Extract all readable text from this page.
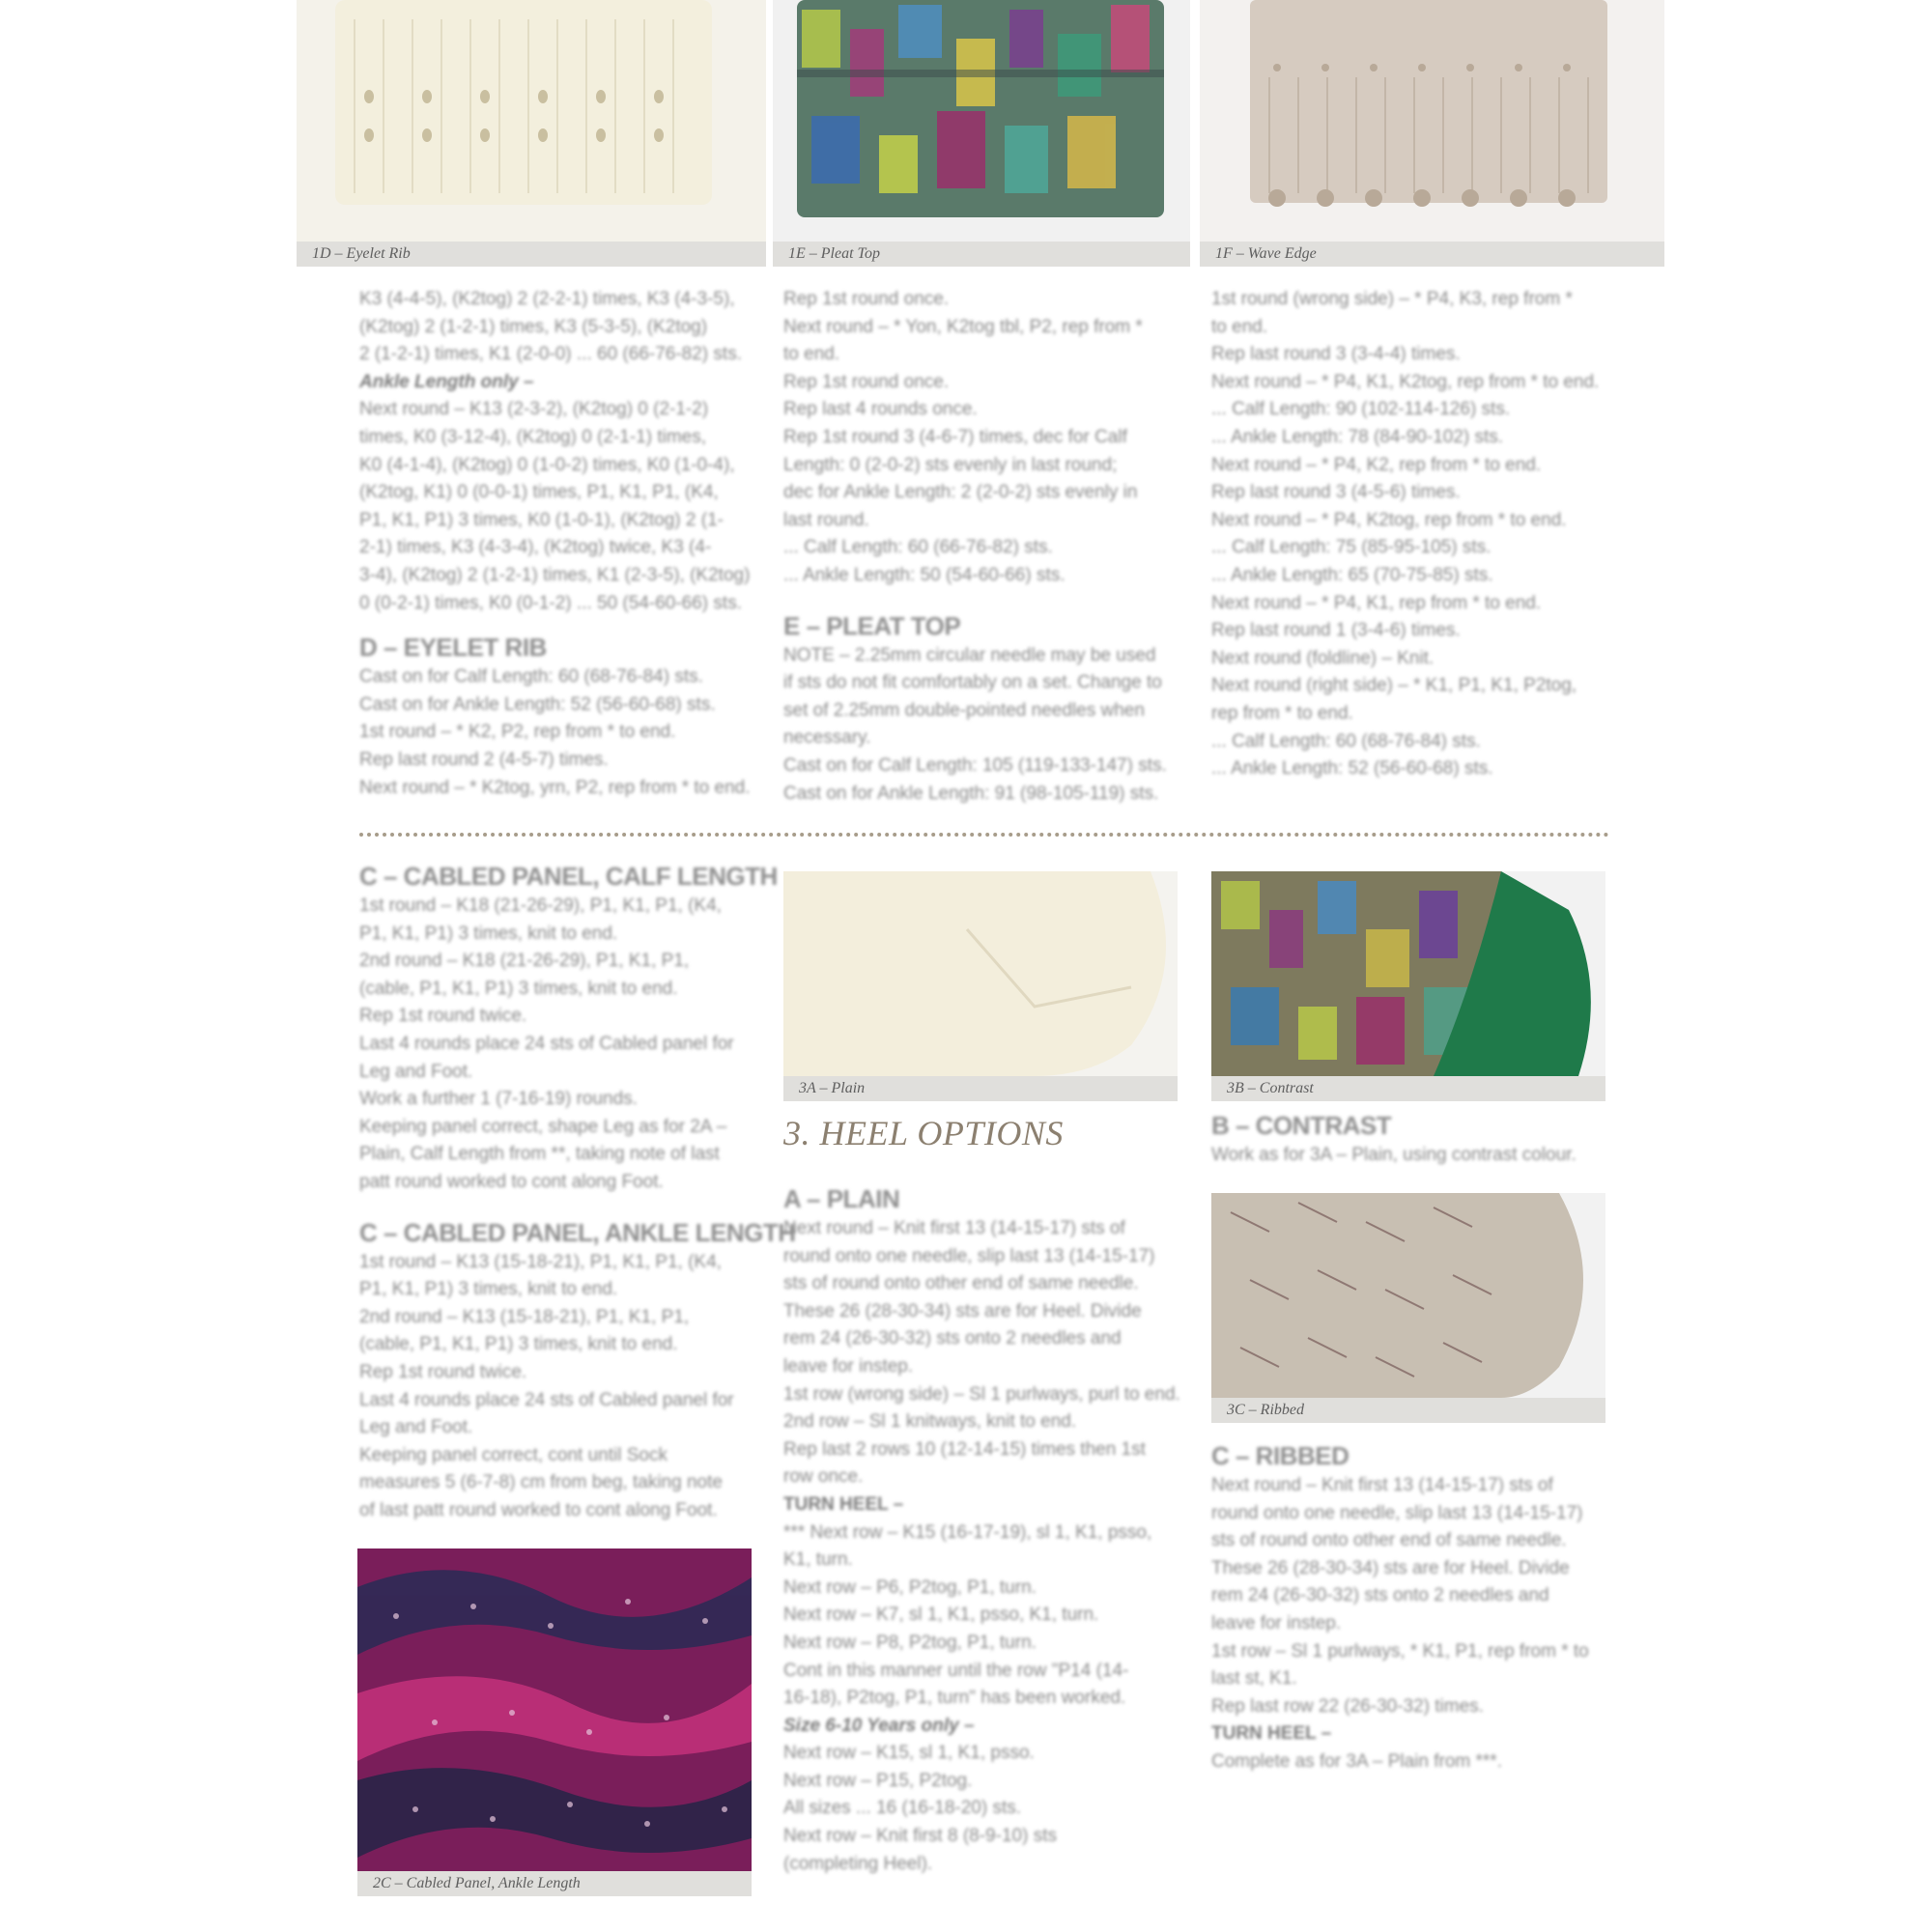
1D – Eyelet Rib	1E – Pleat Top	1F – Wave Edge
K3 (4-4-5), (K2tog) 2 (2-2-1) times, K3 (4-3-5),
(K2tog) 2 (1-2-1) times, K3 (5-3-5), (K2tog)
2 (1-2-1) times, K1 (2-0-0) ... 60 (66-76-82) sts.
Ankle Length only –
Next round – K13 (2-3-2), (K2tog) 0 (2-1-2)
times, K0 (3-12-4), (K2tog) 0 (2-1-1) times,
K0 (4-1-4), (K2tog) 0 (1-0-2) times, K0 (1-0-4),
(K2tog, K1) 0 (0-0-1) times, P1, K1, P1, (K4,
P1, K1, P1) 3 times, K0 (1-0-1), (K2tog) 2 (1-
2-1) times, K3 (4-3-4), (K2tog) twice, K3 (4-
3-4), (K2tog) 2 (1-2-1) times, K1 (2-3-5), (K2tog)
0 (0-2-1) times, K0 (0-1-2) ... 50 (54-60-66) sts.
D – EYELET RIB
Cast on for Calf Length: 60 (68-76-84) sts.
Cast on for Ankle Length: 52 (56-60-68) sts.
1st round – * K2, P2, rep from * to end.
Rep last round 2 (4-5-7) times.
Next round – * K2tog, yrn, P2, rep from * to end.
Rep 1st round once.
Next round – * Yon, K2tog tbl, P2, rep from *
to end.
Rep 1st round once.
Rep last 4 rounds once.
Rep 1st round 3 (4-6-7) times, dec for Calf
Length: 0 (2-0-2) sts evenly in last round;
dec for Ankle Length: 2 (2-0-2) sts evenly in
last round.
... Calf Length: 60 (66-76-82) sts.
... Ankle Length: 50 (54-60-66) sts.
E – PLEAT TOP
NOTE – 2.25mm circular needle may be used
if sts do not fit comfortably on a set. Change to
set of 2.25mm double-pointed needles when
necessary.
Cast on for Calf Length: 105 (119-133-147) sts.
Cast on for Ankle Length: 91 (98-105-119) sts.
1st round (wrong side) – * P4, K3, rep from *
to end.
Rep last round 3 (3-4-4) times.
Next round – * P4, K1, K2tog, rep from * to end.
... Calf Length: 90 (102-114-126) sts.
... Ankle Length: 78 (84-90-102) sts.
Next round – * P4, K2, rep from * to end.
Rep last round 3 (4-5-6) times.
Next round – * P4, K2tog, rep from * to end.
... Calf Length: 75 (85-95-105) sts.
... Ankle Length: 65 (70-75-85) sts.
Next round – * P4, K1, rep from * to end.
Rep last round 1 (3-4-6) times.
Next round (foldline) – Knit.
Next round (right side) – * K1, P1, K1, P2tog,
rep from * to end.
... Calf Length: 60 (68-76-84) sts.
... Ankle Length: 52 (56-60-68) sts.
C – CABLED PANEL, CALF LENGTH
1st round – K18 (21-26-29), P1, K1, P1, (K4,
P1, K1, P1) 3 times, knit to end.
2nd round – K18 (21-26-29), P1, K1, P1,
(cable, P1, K1, P1) 3 times, knit to end.
Rep 1st round twice.
Last 4 rounds place 24 sts of Cabled panel for
Leg and Foot.
Work a further 1 (7-16-19) rounds.
Keeping panel correct, shape Leg as for 2A –
Plain, Calf Length from **, taking note of last
patt round worked to cont along Foot.
C – CABLED PANEL, ANKLE LENGTH
1st round – K13 (15-18-21), P1, K1, P1, (K4,
P1, K1, P1) 3 times, knit to end.
2nd round – K13 (15-18-21), P1, K1, P1,
(cable, P1, K1, P1) 3 times, knit to end.
Rep 1st round twice.
Last 4 rounds place 24 sts of Cabled panel for
Leg and Foot.
Keeping panel correct, cont until Sock
measures 5 (6-7-8) cm from beg, taking note
of last patt round worked to cont along Foot.
2C – Cabled Panel, Ankle Length
3A – Plain
3. HEEL OPTIONS
A – PLAIN
Next round – Knit first 13 (14-15-17) sts of
round onto one needle, slip last 13 (14-15-17)
sts of round onto other end of same needle.
These 26 (28-30-34) sts are for Heel. Divide
rem 24 (26-30-32) sts onto 2 needles and
leave for instep.
1st row (wrong side) – Sl 1 purlways, purl to end.
2nd row – Sl 1 knitways, knit to end.
Rep last 2 rows 10 (12-14-15) times then 1st
row once.
TURN HEEL –
*** Next row – K15 (16-17-19), sl 1, K1, psso,
K1, turn.
Next row – P6, P2tog, P1, turn.
Next row – K7, sl 1, K1, psso, K1, turn.
Next row – P8, P2tog, P1, turn.
Cont in this manner until the row "P14 (14-
16-18), P2tog, P1, turn" has been worked.
Size 6-10 Years only –
Next row – K15, sl 1, K1, psso.
Next row – P15, P2tog.
All sizes ... 16 (16-18-20) sts.
Next row – Knit first 8 (8-9-10) sts
(completing Heel).
3B – Contrast
B – CONTRAST
Work as for 3A – Plain, using contrast colour.
3C – Ribbed
C – RIBBED
Next round – Knit first 13 (14-15-17) sts of
round onto one needle, slip last 13 (14-15-17)
sts of round onto other end of same needle.
These 26 (28-30-34) sts are for Heel. Divide
rem 24 (26-30-32) sts onto 2 needles and
leave for instep.
1st row – Sl 1 purlways, * K1, P1, rep from * to
last st, K1.
Rep last row 22 (26-30-32) times.
TURN HEEL –
Complete as for 3A – Plain from ***.
